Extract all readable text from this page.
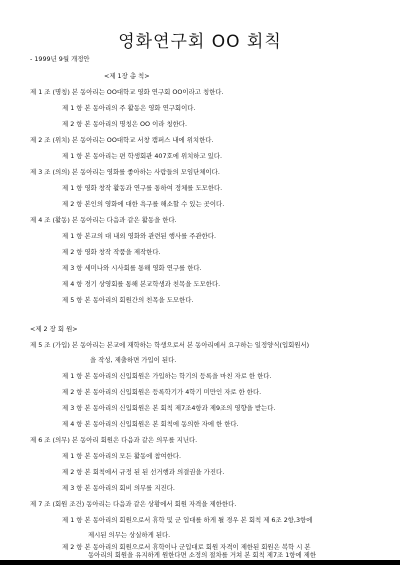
영화연구회 OO 회칙
- 1999년 9월 개정안
<제 1장 총 칙>
제 1 조 (명칭) 본 동아리는 OO대학교 영화 연구회 OO이라고 칭한다.
제 1 항 본 동아리의 주 활동은 영화 연구회이다.
제 2 항 본 동아리의 명칭은 OO 이라 칭한다.
제 2 조 (위치) 본 동아리는 OO대학교 서창 캠퍼스 내에 위치한다.
제 1 항 본 동아리는 편 학생회관 407호에 위치하고 있다.
제 3 조 (의의) 본 동아리는 영화를 좋아하는 사람들의 모임단체이다.
제 1 항 영화 창작 활동과 연구를 통하여 정체를 도모한다.
제 2 항 본인의 영화에 대한 욕구를 해소할 수 있는 곳이다.
제 4 조 (활동) 본 동아리는 다음과 같은 활동을 한다.
제 1 항 본교의 대 내외 영화와 관련된 행사를 주관한다.
제 2 항 영화 창작 작품을 제작한다.
제 3 항 세미나와 시사회를 통해 영화 연구를 한다.
제 4 항 경기 상영회를 통해 본교학생과 친목을 도모한다.
제 5 항 본 동아리의 회원간의 친목을 도모한다.
<제 2 장 회 원>
제 5 조 (가입) 본 동아리는 본교에 재학하는 학생으로서 본 동아리에서 요구하는 일정양식(입회원서)
을 작성, 제출하면 가입이 된다.
제 1 항 본 동아리의 신입회원은 가입하는 학기의 등록을 마친 자로 한 한다.
제 2 항 본 동아리의 신입회원은 등록학기가 4학기 미만인 자로 한 한다.
제 3 항 본 동아리의 신입회원은 본 회칙 제7조4항과 제9조의 영향을 받는다.
제 4 항 본 동아리의 신입회원은 본 회칙에 동의한 자에 한 한다.
제 6 조 (의무) 본 동아리 회원은 다음과 같은 의무를 지닌다.
제 1 항 본 동아리의 모든 활동에 참여한다.
제 2 항 본 회칙에서 규정 된 된 선거행과 의결권을 가진다.
제 3 항 본 동아리의 회비 의무를 지진다.
제 7 조 (회원 조건) 동아리는 다음과 같은 상황에서 회원 자격을 제한한다.
제 1 항 본 동아리의 회원으로서 휴학 및 군 입대를 하게 될 경우 본 회칙 제 6조 2항,3항에
제시된 의무는 상실하게 된다.
제 2 항 본 동아리의 회원으로서 휴학이나 군입대로 회원 자격이 제한된 회원은 복학 시 본
동아리의 회원을 유지하게 원한다면 소정의 절차를 거쳐 본 회칙 제7조 1항에 제한
